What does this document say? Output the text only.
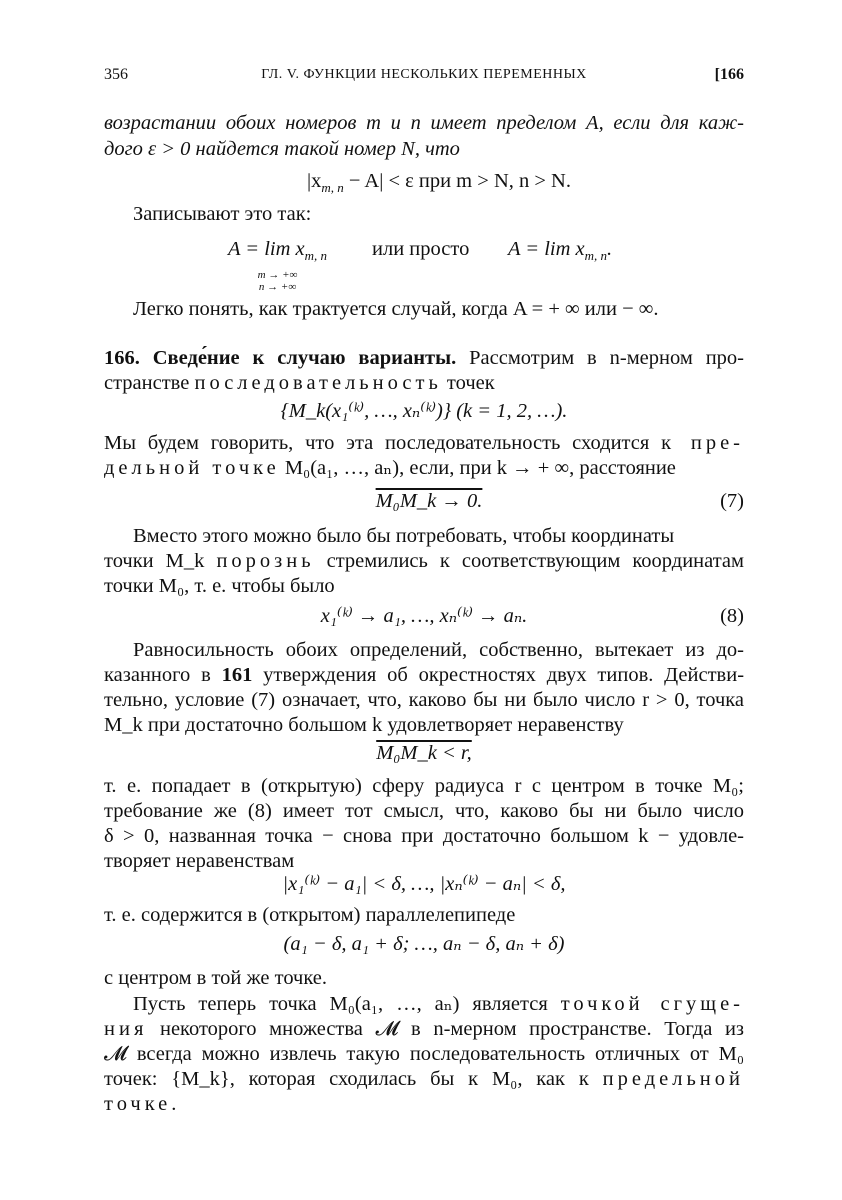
356	ГЛ. V. ФУНКЦИИ НЕСКОЛЬКИХ ПЕРЕМЕННЫХ	[166
возрастании обоих номеров m и n имеет пределом A, если для каж-
дого ε > 0 найдется такой номер N, что
$|x_{m, n} - A| < \varepsilon$ при m > N, n > N.
Записывают это так:
$A = \lim x_{m, n}$
m → +∞
n → +∞
или просто $A = \lim x_{m, n}$.
Легко понять, как трактуется случай, когда A = + ∞ или − ∞.
166. Сведе́ние к случаю варианты. Рассмотрим в n-мерном про-
странстве последовательность точек
{M_k(x₁⁽ᵏ⁾, …, xₙ⁽ᵏ⁾)} (k = 1, 2, …).
Мы будем говорить, что эта последовательность сходится к пре-
дельной точке M₀(a₁, …, aₙ), если, при k → + ∞, расстояние
M₀M_k → 0.	(7)
Вместо этого можно было бы потребовать, чтобы координаты
точки M_k порознь стремились к соответствующим координатам
точки M₀, т. е. чтобы было
x₁⁽ᵏ⁾ → a₁, …, xₙ⁽ᵏ⁾ → aₙ.	(8)
Равносильность обоих определений, собственно, вытекает из до-
казанного в 161 утверждения об окрестностях двух типов. Действи-
тельно, условие (7) означает, что, каково бы ни было число r > 0, точка
M_k при достаточно большом k удовлетворяет неравенству
M₀M_k < r,
т. е. попадает в (открытую) сферу радиуса r с центром в точке M₀;
требование же (8) имеет тот смысл, что, каково бы ни было число
δ > 0, названная точка − снова при достаточно большом k − удовле-
творяет неравенствам
|x₁⁽ᵏ⁾ − a₁| < δ, …, |xₙ⁽ᵏ⁾ − aₙ| < δ,
т. е. содержится в (открытом) параллелепипеде
(a₁ − δ, a₁ + δ; …, aₙ − δ, aₙ + δ)
с центром в той же точке.
Пусть теперь точка M₀(a₁, …, aₙ) является точкой сгуще-
ния некоторого множества 𝓜 в n-мерном пространстве. Тогда из
𝓜 всегда можно извлечь такую последовательность отличных от M₀
точек: {M_k}, которая сходилась бы к M₀, как к предельной
точке.
